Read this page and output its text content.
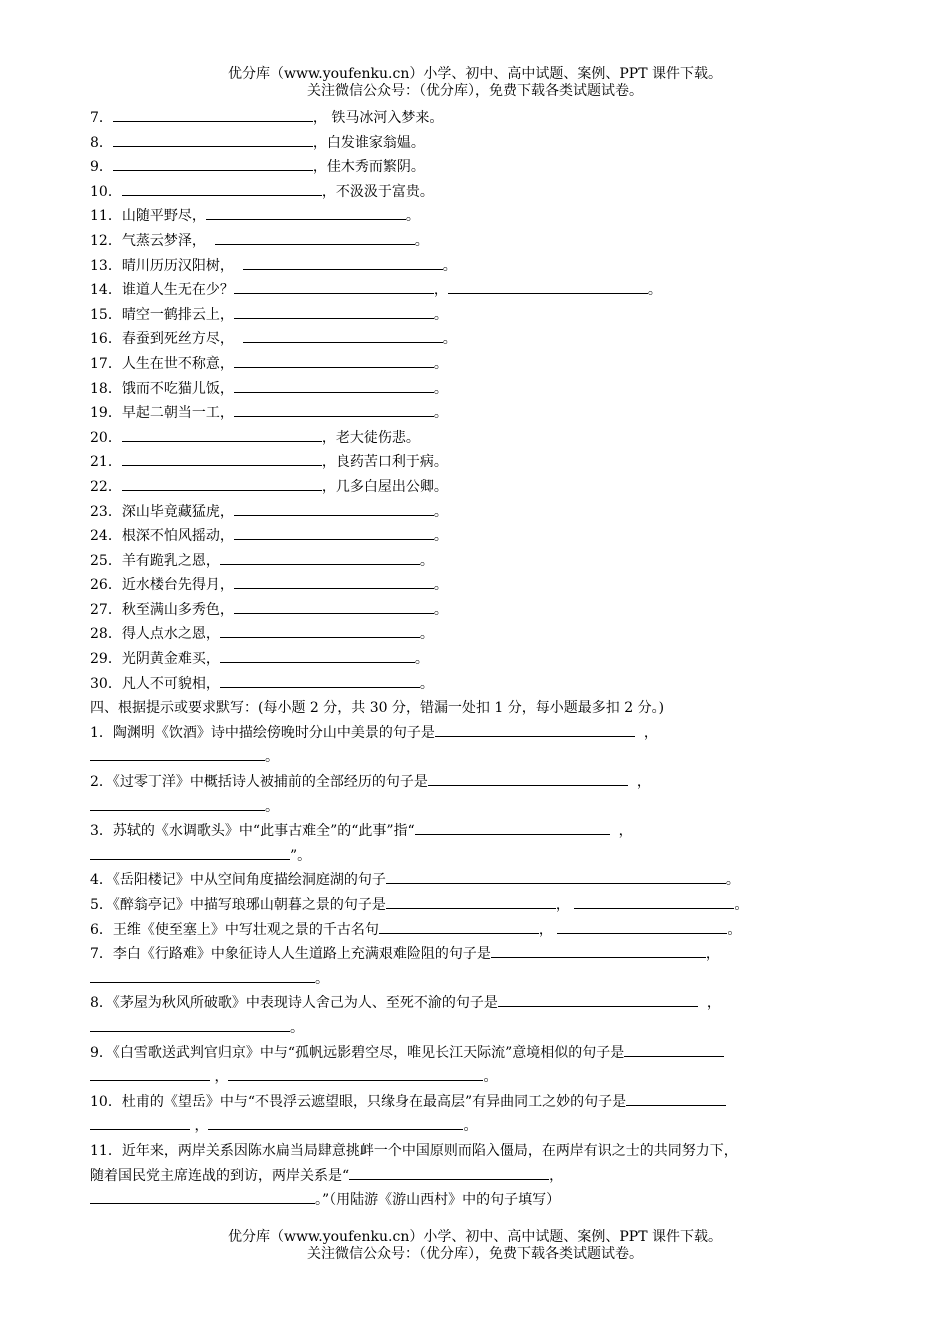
优分库（www.youfenku.cn）小学、初中、高中试题、案例、PPT 课件下载。
关注微信公众号：（优分库），免费下载各类试题试卷。
7．	， 铁马冰河入梦来。
8．	，白发谁家翁媪。
9．	，佳木秀而繁阴。
10．	，不汲汲于富贵。
11．山随平野尽，	。
12．气蒸云梦泽，	。
13．晴川历历汉阳树，	。
14．谁道人生无在少？	，	。
15．晴空一鹤排云上，	。
16．春蚕到死丝方尽，	。
17．人生在世不称意，	。
18．饿而不吃猫儿饭，	。
19．早起二朝当一工，	。
20．	，老大徒伤悲。
21．	，良药苦口利于病。
22．	，几多白屋出公卿。
23．深山毕竟藏猛虎，	。
24．根深不怕风摇动，	。
25．羊有跪乳之恩，	。
26．近水楼台先得月，	。
27．秋至满山多秀色，	。
28．得人点水之恩，	。
29．光阴黄金难买，	。
30．凡人不可貌相，	。
四、根据提示或要求默写：(每小题 2 分，共 30 分，错漏一处扣 1 分，每小题最多扣 2 分。)
1．陶渊明《饮酒》诗中描绘傍晚时分山中美景的句子是	，
。
2．《过零丁洋》中概括诗人被捕前的全部经历的句子是	，
。
3．苏轼的《水调歌头》中“此事古难全”的“此事”指“	，
”。
4．《岳阳楼记》中从空间角度描绘洞庭湖的句子	。
5．《醉翁亭记》中描写琅琊山朝暮之景的句子是	，	。
6．王维《使至塞上》中写壮观之景的千古名句	，	。
7．李白《行路难》中象征诗人人生道路上充满艰难险阻的句子是	，
。
8．《茅屋为秋风所破歌》中表现诗人舍己为人、至死不渝的句子是	，
。
9．《白雪歌送武判官归京》中与“孤帆远影碧空尽，唯见长江天际流”意境相似的句子是
，	。
10．杜甫的《望岳》中与“不畏浮云遮望眼，只缘身在最高层”有异曲同工之妙的句子是
，	。
11．近年来，两岸关系因陈水扁当局肆意挑衅一个中国原则而陷入僵局，在两岸有识之士的共同努力下，
随着国民党主席连战的到访，两岸关系是“	，
。”（用陆游《游山西村》中的句子填写）
优分库（www.youfenku.cn）小学、初中、高中试题、案例、PPT 课件下载。
关注微信公众号：（优分库），免费下载各类试题试卷。
